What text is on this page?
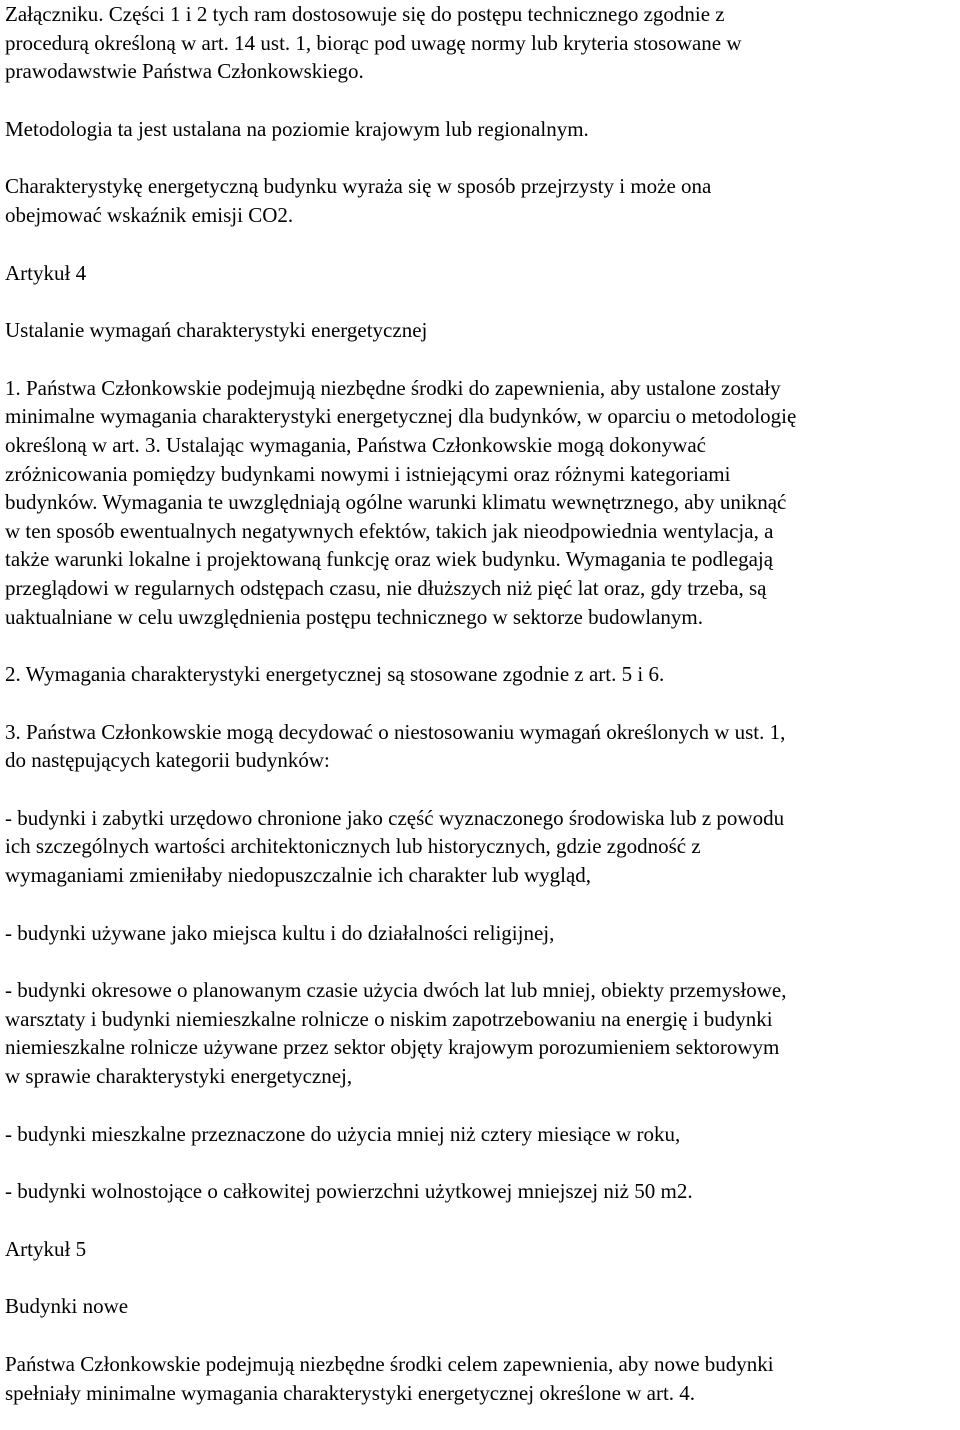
Załączniku. Części 1 i 2 tych ram dostosowuje się do postępu technicznego zgodnie z
procedurą określoną w art. 14 ust. 1, biorąc pod uwagę normy lub kryteria stosowane w
prawodawstwie Państwa Członkowskiego.
Metodologia ta jest ustalana na poziomie krajowym lub regionalnym.
Charakterystykę energetyczną budynku wyraża się w sposób przejrzysty i może ona
obejmować wskaźnik emisji CO2.
Artykuł 4
Ustalanie wymagań charakterystyki energetycznej
1. Państwa Członkowskie podejmują niezbędne środki do zapewnienia, aby ustalone zostały
minimalne wymagania charakterystyki energetycznej dla budynków, w oparciu o metodologię
określoną w art. 3. Ustalając wymagania, Państwa Członkowskie mogą dokonywać
zróżnicowania pomiędzy budynkami nowymi i istniejącymi oraz różnymi kategoriami
budynków. Wymagania te uwzględniają ogólne warunki klimatu wewnętrznego, aby uniknąć
w ten sposób ewentualnych negatywnych efektów, takich jak nieodpowiednia wentylacja, a
także warunki lokalne i projektowaną funkcję oraz wiek budynku. Wymagania te podlegają
przeglądowi w regularnych odstępach czasu, nie dłuższych niż pięć lat oraz, gdy trzeba, są
uaktualniane w celu uwzględnienia postępu technicznego w sektorze budowlanym.
2. Wymagania charakterystyki energetycznej są stosowane zgodnie z art. 5 i 6.
3. Państwa Członkowskie mogą decydować o niestosowaniu wymagań określonych w ust. 1,
do następujących kategorii budynków:
- budynki i zabytki urzędowo chronione jako część wyznaczonego środowiska lub z powodu
ich szczególnych wartości architektonicznych lub historycznych, gdzie zgodność z
wymaganiami zmieniłaby niedopuszczalnie ich charakter lub wygląd,
- budynki używane jako miejsca kultu i do działalności religijnej,
- budynki okresowe o planowanym czasie użycia dwóch lat lub mniej, obiekty przemysłowe,
warsztaty i budynki niemieszkalne rolnicze o niskim zapotrzebowaniu na energię i budynki
niemieszkalne rolnicze używane przez sektor objęty krajowym porozumieniem sektorowym
w sprawie charakterystyki energetycznej,
- budynki mieszkalne przeznaczone do użycia mniej niż cztery miesiące w roku,
- budynki wolnostojące o całkowitej powierzchni użytkowej mniejszej niż 50 m2.
Artykuł 5
Budynki nowe
Państwa Członkowskie podejmują niezbędne środki celem zapewnienia, aby nowe budynki
spełniały minimalne wymagania charakterystyki energetycznej określone w art. 4.
